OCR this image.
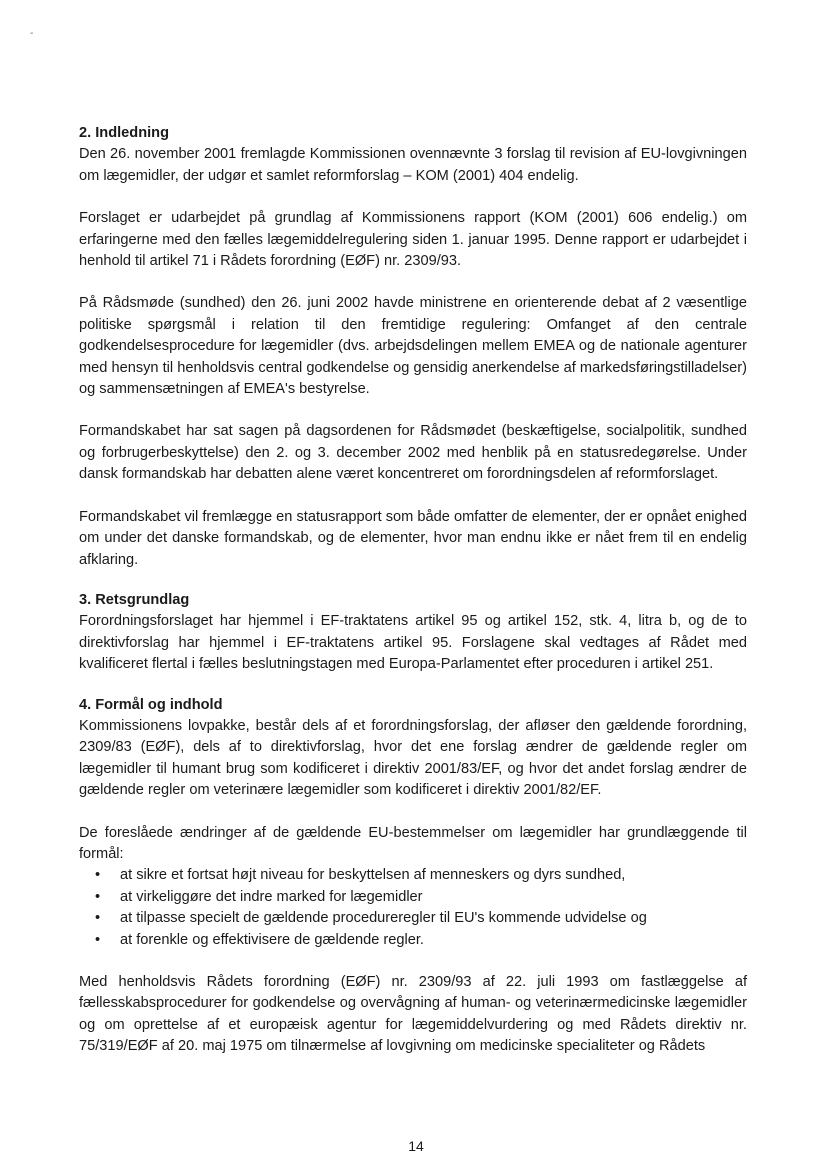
-
2. Indledning

Den 26. november 2001 fremlagde Kommissionen ovennævnte 3 forslag til revision af EU-lovgivningen om lægemidler, der udgør et samlet reformforslag – KOM (2001) 404 endelig.

Forslaget er udarbejdet på grundlag af Kommissionens rapport (KOM (2001) 606 endelig.) om erfaringerne med den fælles lægemiddelregulering siden 1. januar 1995. Denne rapport er udarbejdet i henhold til artikel 71 i Rådets forordning (EØF) nr. 2309/93.

På Rådsmøde (sundhed) den 26. juni 2002 havde ministrene en orienterende debat af 2 væsentlige politiske spørgsmål i relation til den fremtidige regulering: Omfanget af den centrale godkendelsesprocedure for lægemidler (dvs. arbejdsdelingen mellem EMEA og de nationale agenturer med hensyn til henholdsvis central godkendelse og gensidig anerkendelse af markedsføringstilladelser) og sammensætningen af EMEA's bestyrelse.

Formandskabet har sat sagen på dagsordenen for Rådsmødet (beskæftigelse, socialpolitik, sundhed og forbrugerbeskyttelse) den 2. og 3. december 2002 med henblik på en statusredegørelse. Under dansk formandskab har debatten alene været koncentreret om forordningsdelen af reformforslaget.

Formandskabet vil fremlægge en statusrapport som både omfatter de elementer, der er opnået enighed om under det danske formandskab, og de elementer, hvor man endnu ikke er nået frem til en endelig afklaring.

3. Retsgrundlag

Forordningsforslaget har hjemmel i EF-traktatens artikel 95 og artikel 152, stk. 4, litra b, og de to direktivforslag har hjemmel i EF-traktatens artikel 95. Forslagene skal vedtages af Rådet med kvalificeret flertal i fælles beslutningstagen med Europa-Parlamentet efter proceduren i artikel 251.

4. Formål og indhold

Kommissionens lovpakke, består dels af et forordningsforslag, der afløser den gældende forordning, 2309/83 (EØF), dels af to direktivforslag, hvor det ene forslag ændrer de gældende regler om lægemidler til humant brug som kodificeret i direktiv 2001/83/EF, og hvor det andet forslag ændrer de gældende regler om veterinære lægemidler som kodificeret i direktiv 2001/82/EF.

De foreslåede ændringer af de gældende EU-bestemmelser om lægemidler har grundlæggende til formål:

• at sikre et fortsat højt niveau for beskyttelsen af menneskers og dyrs sundhed,
• at virkeliggøre det indre marked for lægemidler
• at tilpasse specielt de gældende procedureregler til EU's kommende udvidelse og
• at forenkle og effektivisere de gældende regler.

Med henholdsvis Rådets forordning (EØF) nr. 2309/93 af 22. juli 1993 om fastlæggelse af fællesskabsprocedurer for godkendelse og overvågning af human- og veterinærmedicinske lægemidler og om oprettelse af et europæisk agentur for lægemiddelvurdering og med Rådets direktiv nr. 75/319/EØF af 20. maj 1975 om tilnærmelse af lovgivning om medicinske specialiteter og Rådets

14
